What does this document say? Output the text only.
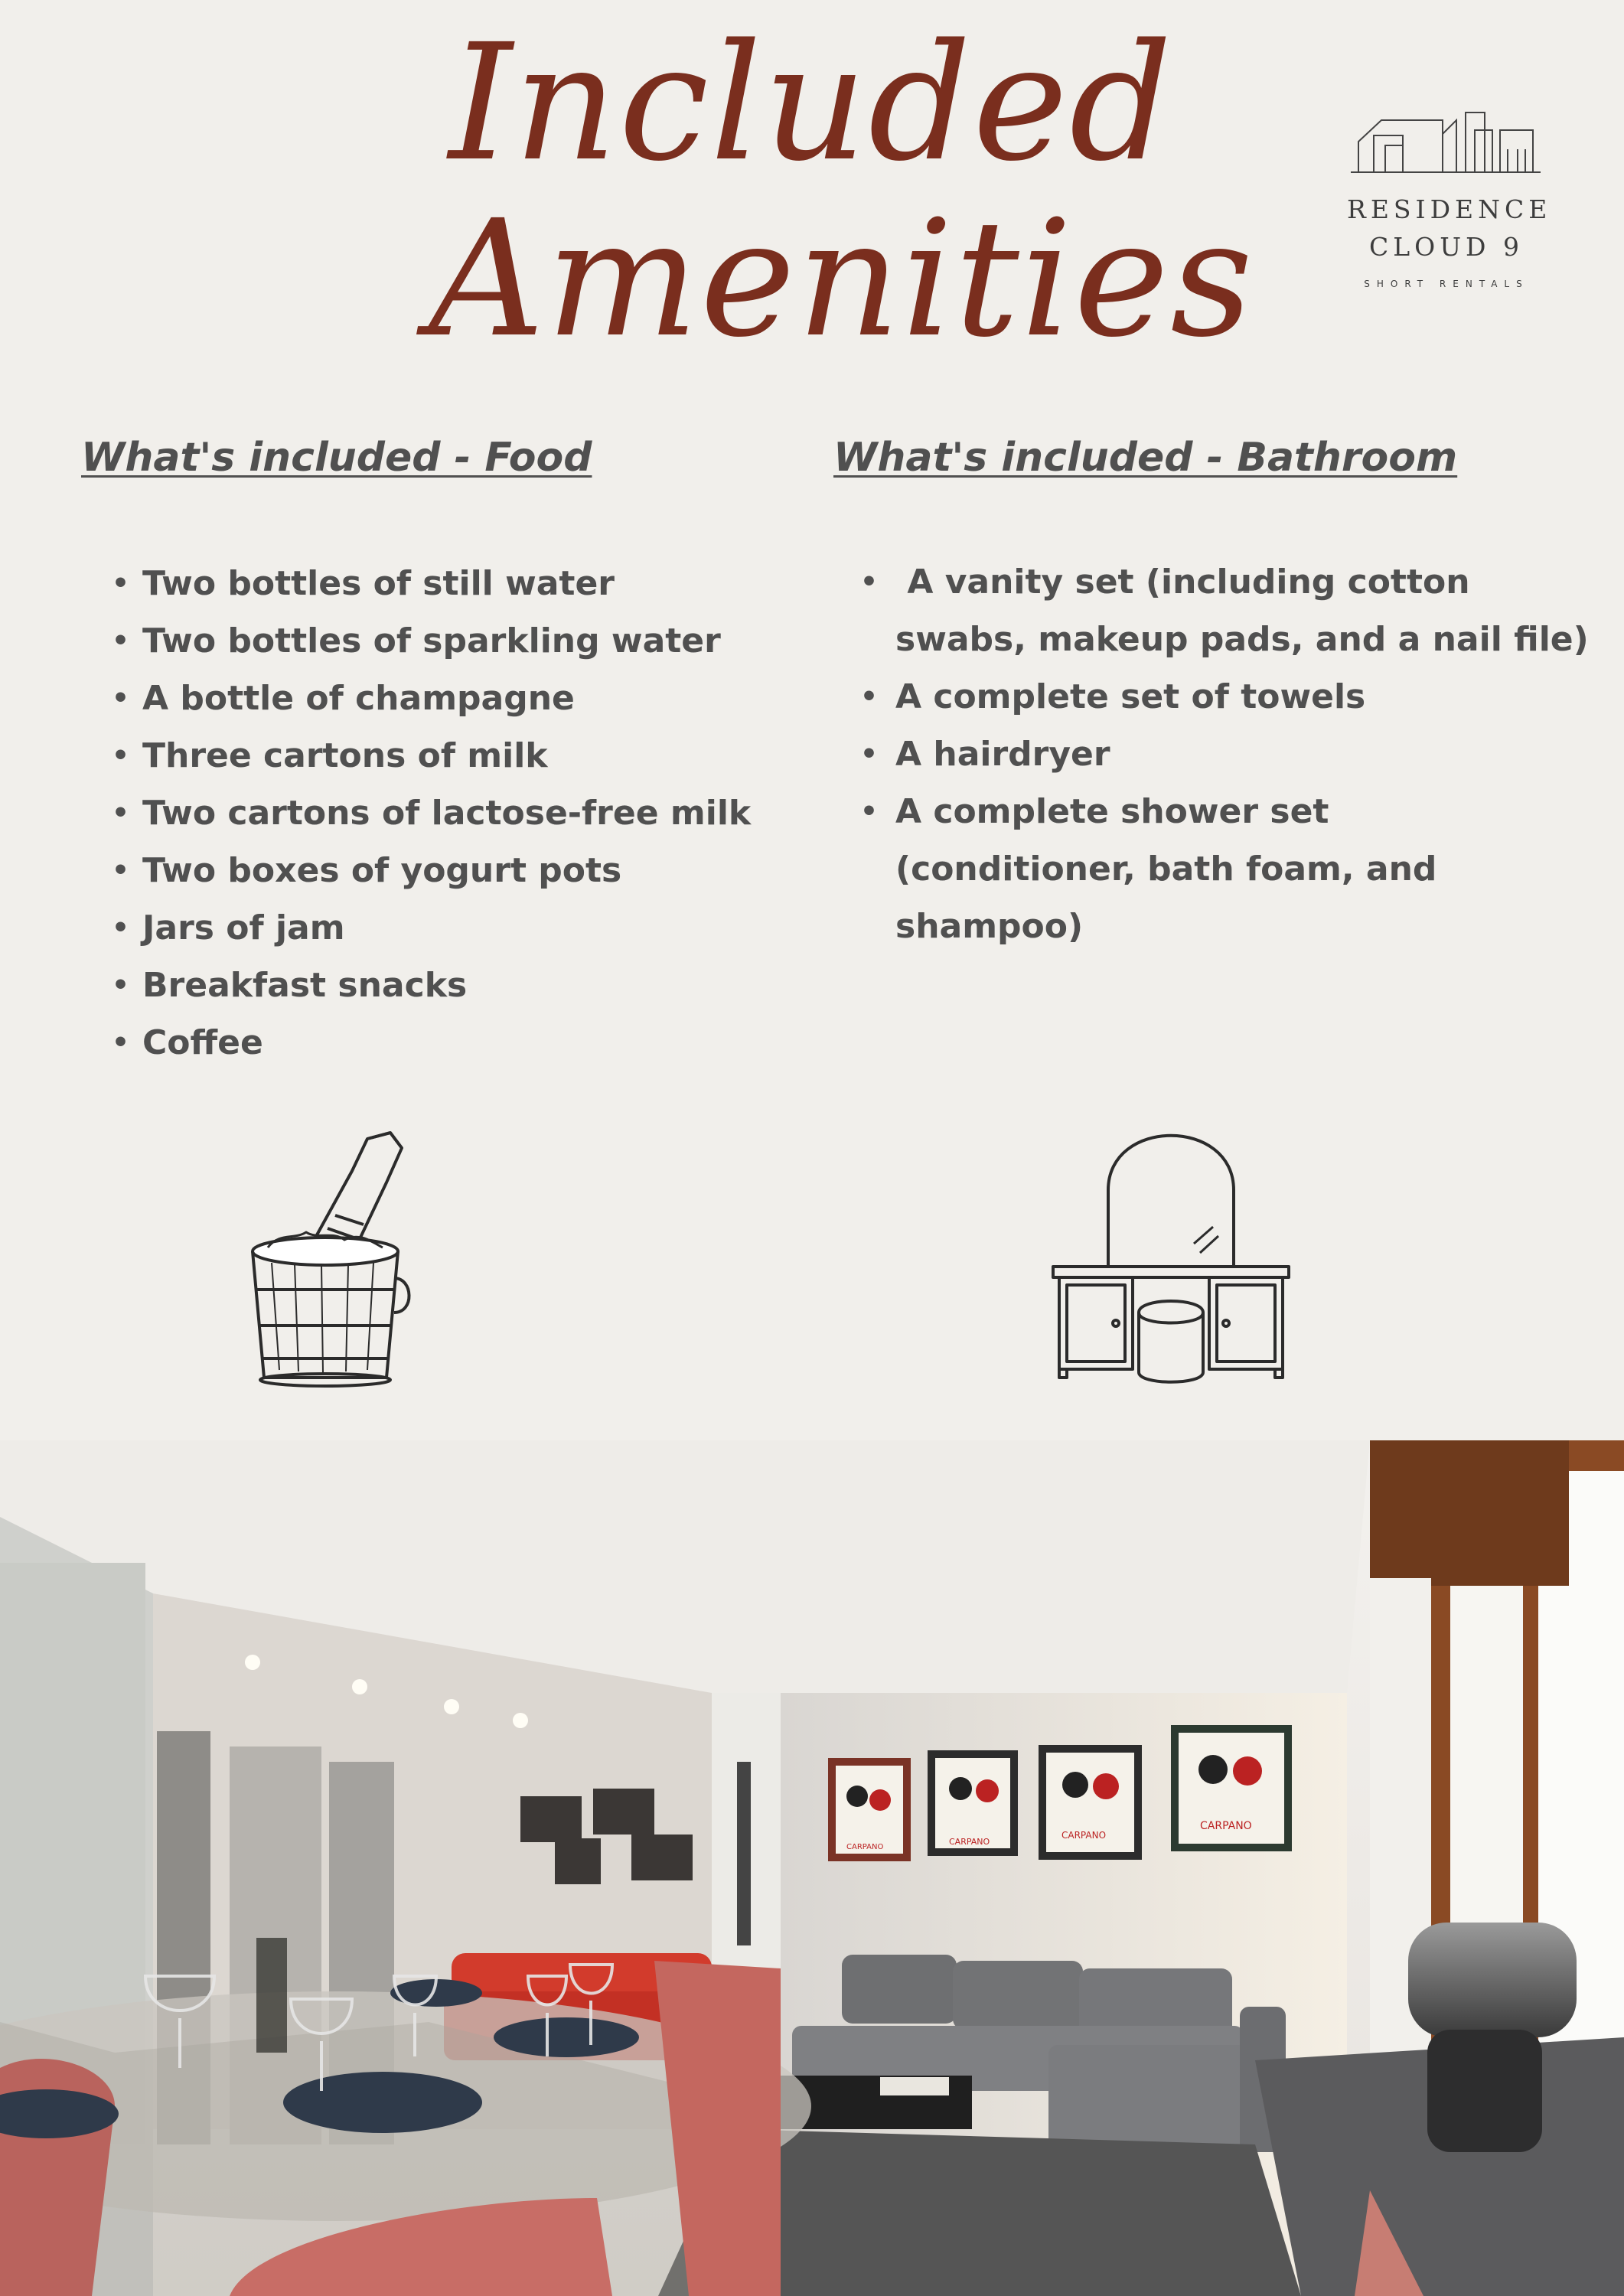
Included
Amenities	RESIDENCE
CLOUD 9
SHORT RENTALS
What's included - Food
• Two bottles of still water
• Two bottles of sparkling water
• A bottle of champagne
• Three cartons of milk
• Two cartons of lactose-free milk
• Two boxes of yogurt pots
• Jars of jam
• Breakfast snacks
• Coffee
What's included - Bathroom
•  A vanity set (including cotton
swabs, makeup pads, and a nail file)
• A complete set of towels
• A hairdryer
• A complete shower set
(conditioner, bath foam, and
shampoo)
CARPANO
CARPANO
CARPANO
CARPANO
